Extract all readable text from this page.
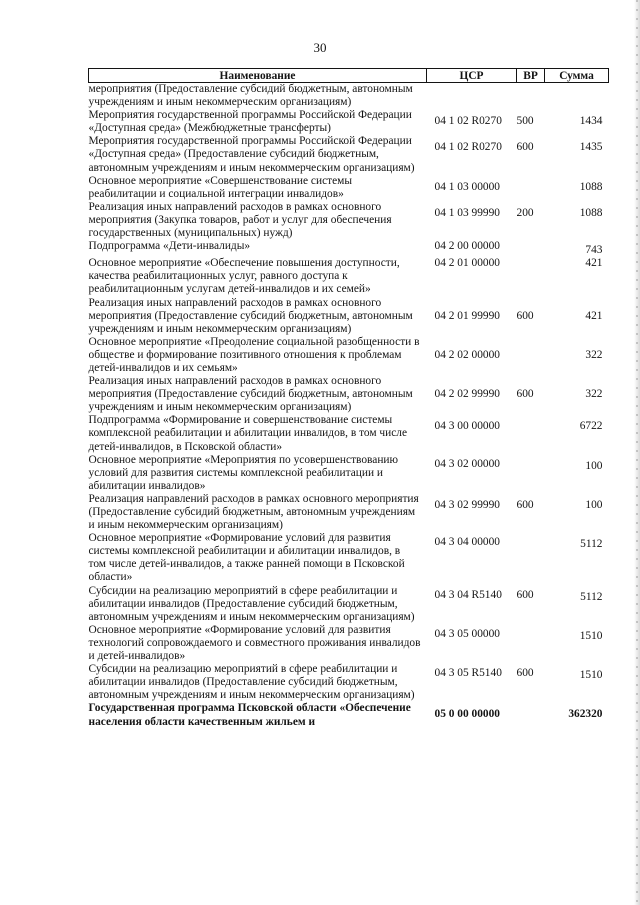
30
Наименование	ЦСР	ВР	Сумма
мероприятия (Предоставление субсидий бюджетным, автономным учреждениям и иным некоммерческим организациям)			
Мероприятия государственной программы Российской Федерации «Доступная среда» (Межбюджетные трансферты)	04 1 02 R0270	500	1434
Мероприятия государственной программы Российской Федерации «Доступная среда» (Предоставление субсидий бюджетным, автономным учреждениям и иным некоммерческим организациям)	04 1 02 R0270	600	1435
Основное мероприятие «Совершенствование системы реабилитации и социальной интеграции инвалидов»	04 1 03 00000		1088
Реализация иных направлений расходов в рамках основного мероприятия (Закупка товаров, работ и услуг для обеспечения государственных (муниципальных) нужд)	04 1 03 99990	200	1088
Подпрограмма «Дети-инвалиды»	04 2 00 00000		743
Основное мероприятие «Обеспечение повышения доступности, качества реабилитационных услуг, равного доступа к реабилитационным услугам детей-инвалидов и их семей»	04 2 01 00000		421
Реализация иных направлений расходов в рамках основного мероприятия (Предоставление субсидий бюджетным, автономным учреждениям и иным некоммерческим организациям)	04 2 01 99990	600	421
Основное мероприятие «Преодоление социальной разобщенности в обществе и формирование позитивного отношения к проблемам детей-инвалидов и их семьям»	04 2 02 00000		322
Реализация иных направлений расходов в рамках основного мероприятия (Предоставление субсидий бюджетным, автономным учреждениям и иным некоммерческим организациям)	04 2 02 99990	600	322
Подпрограмма «Формирование и совершенствование системы комплексной реабилитации и абилитации инвалидов, в том числе детей-инвалидов, в Псковской области»	04 3 00 00000		6722
Основное мероприятие «Мероприятия по усовершенствованию условий для развития системы комплексной реабилитации и абилитации инвалидов»	04 3 02 00000		100
Реализация направлений расходов в рамках основного мероприятия (Предоставление субсидий бюджетным, автономным учреждениям и иным некоммерческим организациям)	04 3 02 99990	600	100
Основное мероприятие «Формирование условий для развития системы комплексной реабилитации и абилитации инвалидов, в том числе детей-инвалидов, а также ранней помощи в Псковской области»	04 3 04 00000		5112
Субсидии на реализацию мероприятий в сфере реабилитации и абилитации инвалидов (Предоставление субсидий бюджетным, автономным учреждениям и иным некоммерческим организациям)	04 3 04 R5140	600	5112
Основное мероприятие «Формирование условий для развития технологий сопровождаемого и совместного проживания инвалидов и детей-инвалидов»	04 3 05 00000		1510
Субсидии на реализацию мероприятий в сфере реабилитации и абилитации инвалидов (Предоставление субсидий бюджетным, автономным учреждениям и иным некоммерческим организациям)	04 3 05 R5140	600	1510
Государственная программа Псковской области «Обеспечение населения области качественным жильем и	05 0 00 00000		362320
